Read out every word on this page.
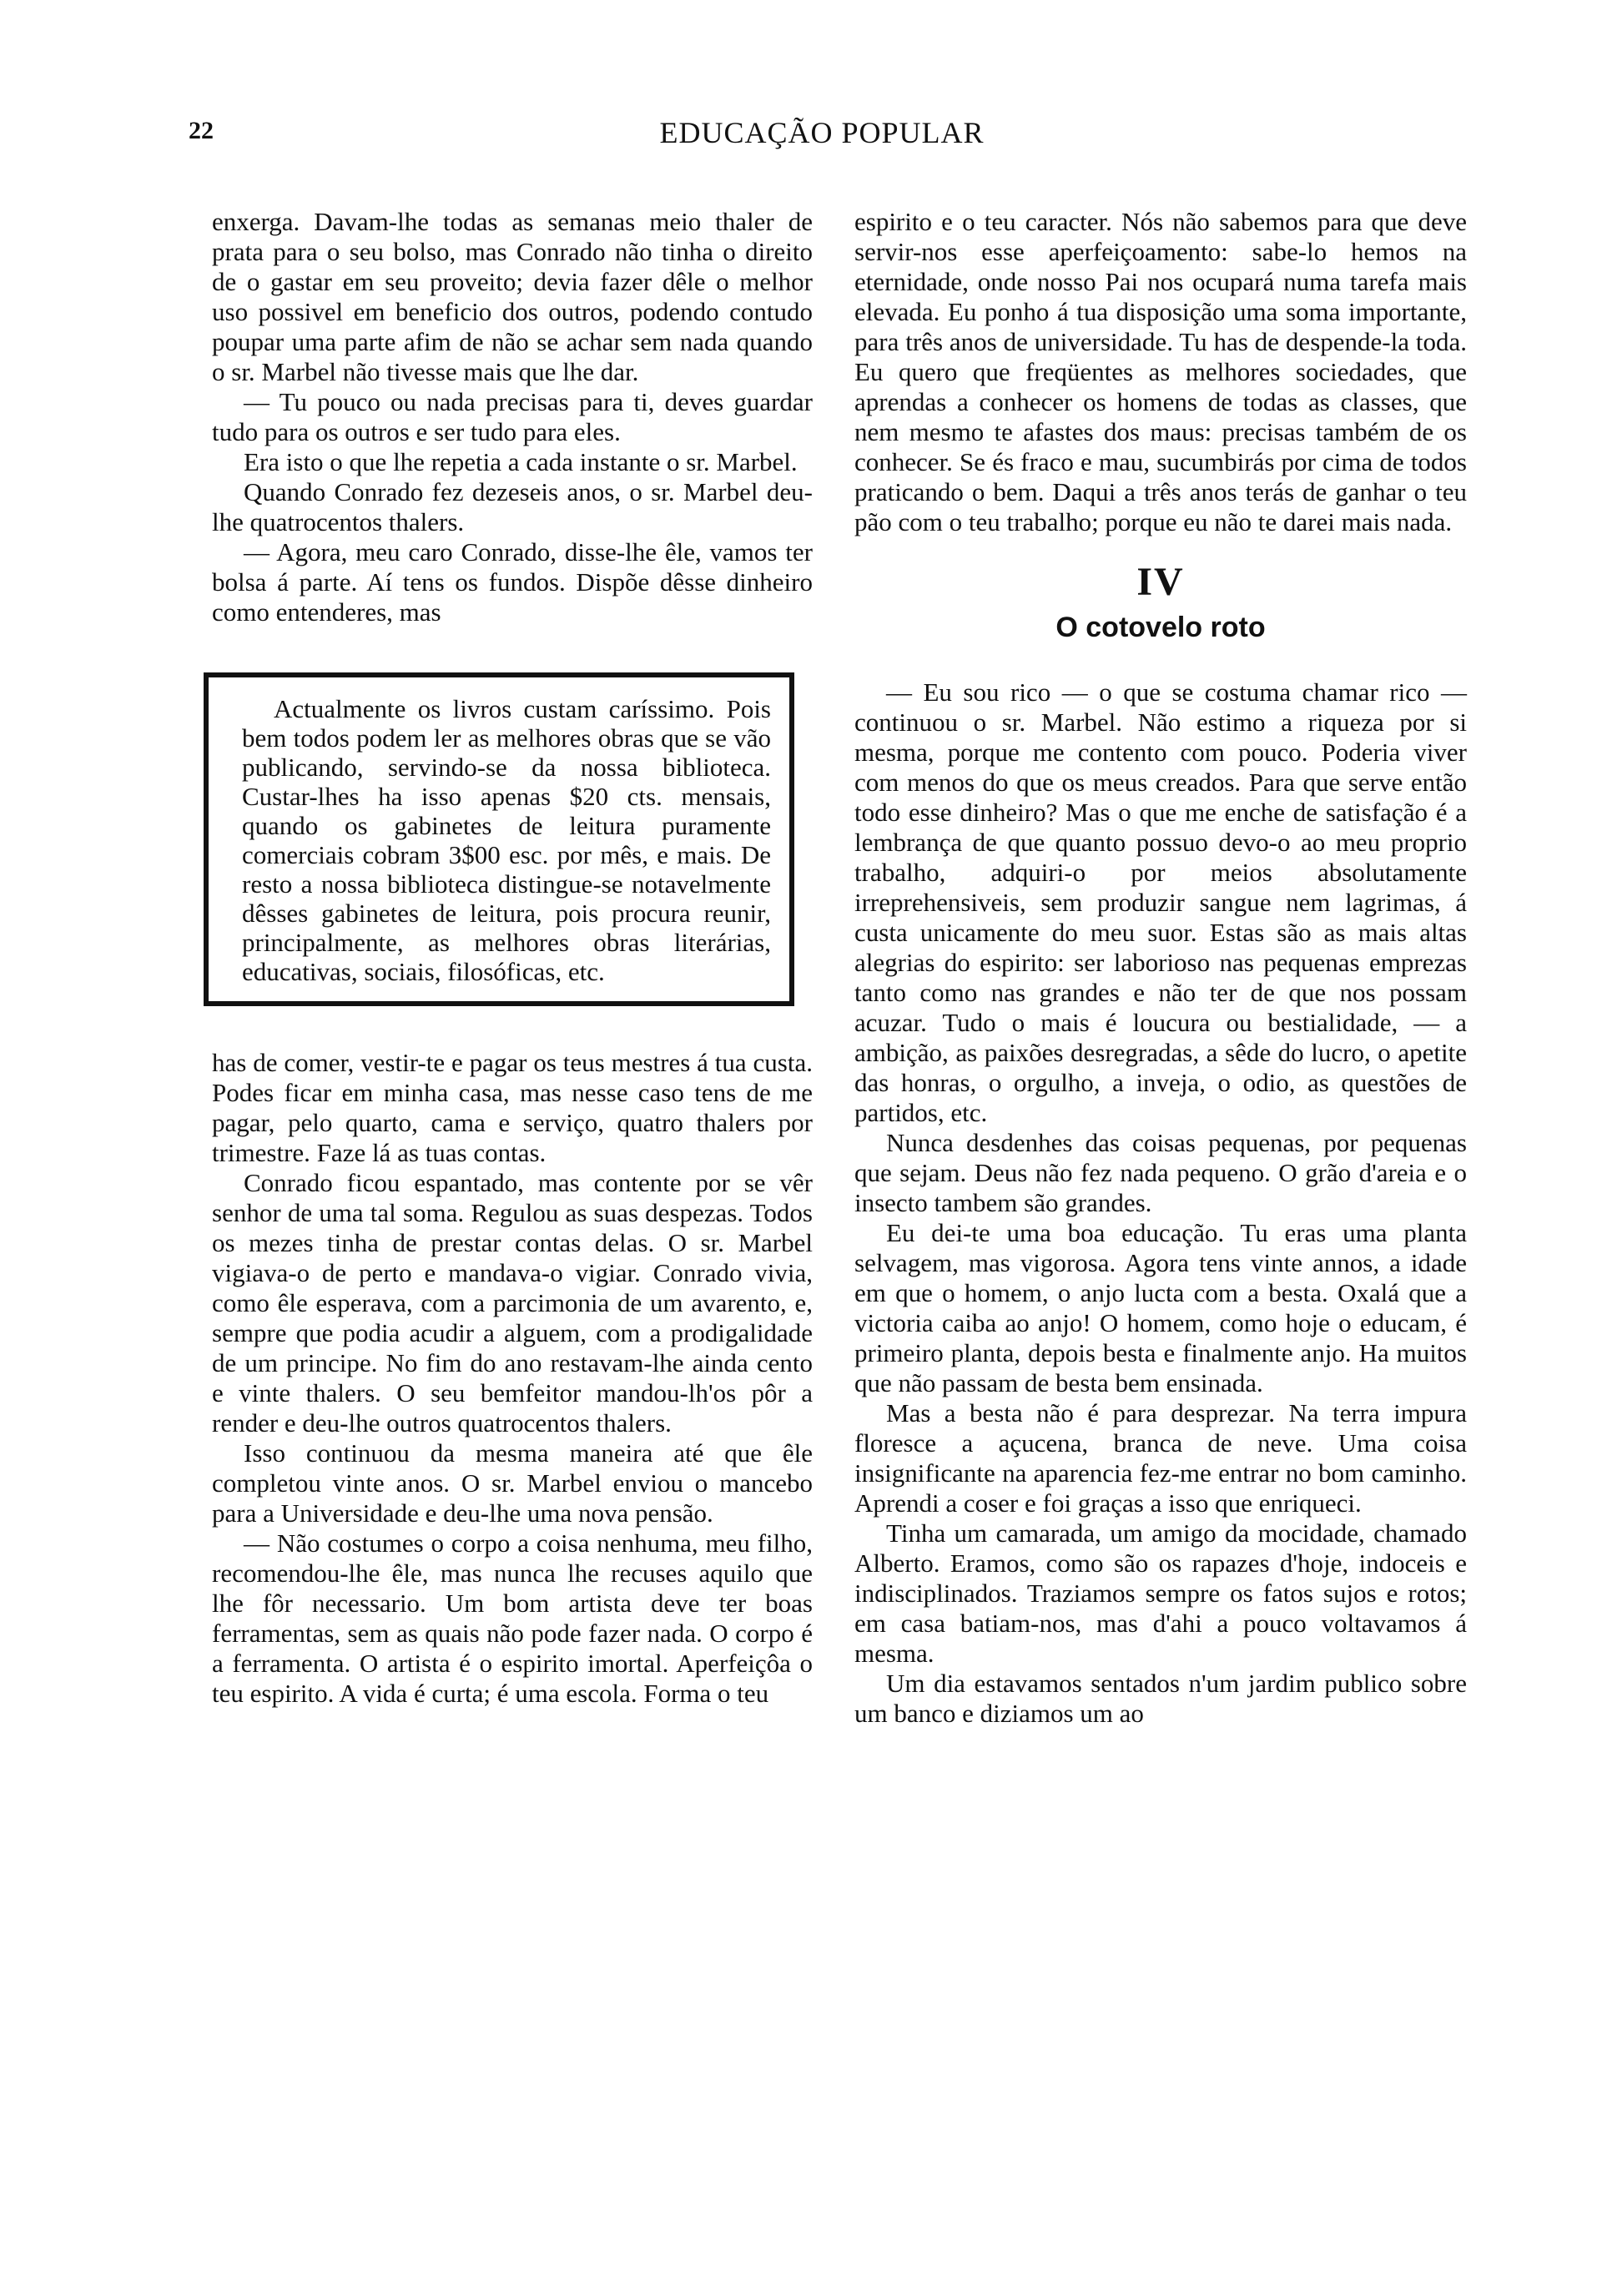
22	EDUCAÇÃO POPULAR

enxerga. Davam-lhe todas as semanas meio thaler de prata para o seu bolso, mas Conrado não tinha o direito de o gastar em seu proveito; devia fazer dêle o melhor uso possivel em beneficio dos outros, podendo contudo poupar uma parte afim de não se achar sem nada quando o sr. Marbel não tivesse mais que lhe dar.

— Tu pouco ou nada precisas para ti, deves guardar tudo para os outros e ser tudo para eles.

Era isto o que lhe repetia a cada instante o sr. Marbel.

Quando Conrado fez dezeseis anos, o sr. Marbel deu-lhe quatrocentos thalers.

— Agora, meu caro Conrado, disse-lhe êle, vamos ter bolsa á parte. Aí tens os fundos. Dispõe dêsse dinheiro como entenderes, mas

Actualmente os livros custam caríssimo. Pois bem todos podem ler as melhores obras que se vão publicando, servindo-se da nossa biblioteca. Custar-lhes ha isso apenas $20 cts. mensais, quando os gabinetes de leitura puramente comerciais cobram 3$00 esc. por mês, e mais. De resto a nossa biblioteca distingue-se notavelmente dêsses gabinetes de leitura, pois procura reunir, principalmente, as melhores obras literárias, educativas, sociais, filosóficas, etc.

has de comer, vestir-te e pagar os teus mestres á tua custa. Podes ficar em minha casa, mas nesse caso tens de me pagar, pelo quarto, cama e serviço, quatro thalers por trimestre. Faze lá as tuas contas.

Conrado ficou espantado, mas contente por se vêr senhor de uma tal soma. Regulou as suas despezas. Todos os mezes tinha de prestar contas delas. O sr. Marbel vigiava-o de perto e mandava-o vigiar. Conrado vivia, como êle esperava, com a parcimonia de um avarento, e, sempre que podia acudir a alguem, com a prodigalidade de um principe. No fim do ano restavam-lhe ainda cento e vinte thalers. O seu bemfeitor mandou-lh'os pôr a render e deu-lhe outros quatrocentos thalers.

Isso continuou da mesma maneira até que êle completou vinte anos. O sr. Marbel enviou o mancebo para a Universidade e deu-lhe uma nova pensão.

— Não costumes o corpo a coisa nenhuma, meu filho, recomendou-lhe êle, mas nunca lhe recuses aquilo que lhe fôr necessario. Um bom artista deve ter boas ferramentas, sem as quais não pode fazer nada. O corpo é a ferramenta. O artista é o espirito imortal. Aperfeiçôa o teu espirito. A vida é curta; é uma escola. Forma o teu

espirito e o teu caracter. Nós não sabemos para que deve servir-nos esse aperfeiçoamento: sabe-lo hemos na eternidade, onde nosso Pai nos ocupará numa tarefa mais elevada. Eu ponho á tua disposição uma soma importante, para três anos de universidade. Tu has de despende-la toda. Eu quero que freqüentes as melhores sociedades, que aprendas a conhecer os homens de todas as classes, que nem mesmo te afastes dos maus: precisas também de os conhecer. Se és fraco e mau, sucumbirás por cima de todos praticando o bem. Daqui a três anos terás de ganhar o teu pão com o teu trabalho; porque eu não te darei mais nada.

IV
O cotovelo roto

— Eu sou rico — o que se costuma chamar rico — continuou o sr. Marbel. Não estimo a riqueza por si mesma, porque me contento com pouco. Poderia viver com menos do que os meus creados. Para que serve então todo esse dinheiro? Mas o que me enche de satisfação é a lembrança de que quanto possuo devo-o ao meu proprio trabalho, adquiri-o por meios absolutamente irreprehensiveis, sem produzir sangue nem lagrimas, á custa unicamente do meu suor. Estas são as mais altas alegrias do espirito: ser laborioso nas pequenas emprezas tanto como nas grandes e não ter de que nos possam acuzar. Tudo o mais é loucura ou bestialidade, — a ambição, as paixões desregradas, a sêde do lucro, o apetite das honras, o orgulho, a inveja, o odio, as questões de partidos, etc.

Nunca desdenhes das coisas pequenas, por pequenas que sejam. Deus não fez nada pequeno. O grão d'areia e o insecto tambem são grandes.

Eu dei-te uma boa educação. Tu eras uma planta selvagem, mas vigorosa. Agora tens vinte annos, a idade em que o homem, o anjo lucta com a besta. Oxalá que a victoria caiba ao anjo! O homem, como hoje o educam, é primeiro planta, depois besta e finalmente anjo. Ha muitos que não passam de besta bem ensinada.

Mas a besta não é para desprezar. Na terra impura floresce a açucena, branca de neve. Uma coisa insignificante na aparencia fez-me entrar no bom caminho. Aprendi a coser e foi graças a isso que enriqueci.

Tinha um camarada, um amigo da mocidade, chamado Alberto. Eramos, como são os rapazes d'hoje, indoceis e indisciplinados. Traziamos sempre os fatos sujos e rotos; em casa batiam-nos, mas d'ahi a pouco voltavamos á mesma.

Um dia estavamos sentados n'um jardim publico sobre um banco e diziamos um ao
